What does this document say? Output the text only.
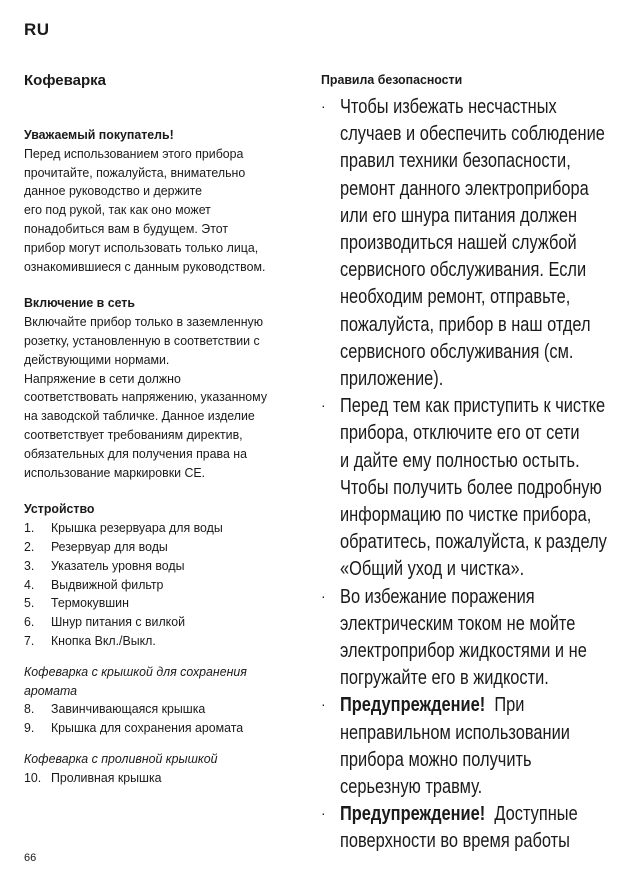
RU
Кофеварка
Уважаемый покупатель!
Перед использованием этого прибора
прочитайте, пожалуйста, внимательно
данное руководство и держите
его под рукой, так как оно может
понадобиться вам в будущем. Этот
прибор могут использовать только лица,
ознакомившиеся с данным руководством.
Включение в сеть
Включайте прибор только в заземленную
розетку, установленную в соответствии с
действующими нормами.
Напряжение в сети должно
соответствовать напряжению, указанному
на заводской табличке. Данное изделие
соответствует требованиям директив,
обязательных для получения права на
использование маркировки CE.
Устройство
1. Крышка резервуара для воды
2. Резервуар для воды
3. Указатель уровня воды
4. Выдвижной фильтр
5. Термокувшин
6. Шнур питания с вилкой
7. Кнопка Вкл./Выкл.
Кофеварка с крышкой для сохранения
аромата
8. Завинчивающаяся крышка
9. Крышка для сохранения аромата
Кофеварка с проливной крышкой
10. Проливная крышка
Правила безопасности
· Чтобы избежать несчастных
случаев и обеспечить соблюдение
правил техники безопасности,
ремонт данного электроприбора
или его шнура питания должен
производиться нашей службой
сервисного обслуживания. Если
необходим ремонт, отправьте,
пожалуйста, прибор в наш отдел
сервисного обслуживания (см.
приложение).
· Перед тем как приступить к чистке
прибора, отключите его от сети
и дайте ему полностью остыть.
Чтобы получить более подробную
информацию по чистке прибора,
обратитесь, пожалуйста, к разделу
«Общий уход и чистка».
· Во избежание поражения
электрическим током не мойте
электроприбор жидкостями и не
погружайте его в жидкости.
· Предупреждение! При
неправильном использовании
прибора можно получить
серьезную травму.
· Предупреждение! Доступные
поверхности во время работы
66
